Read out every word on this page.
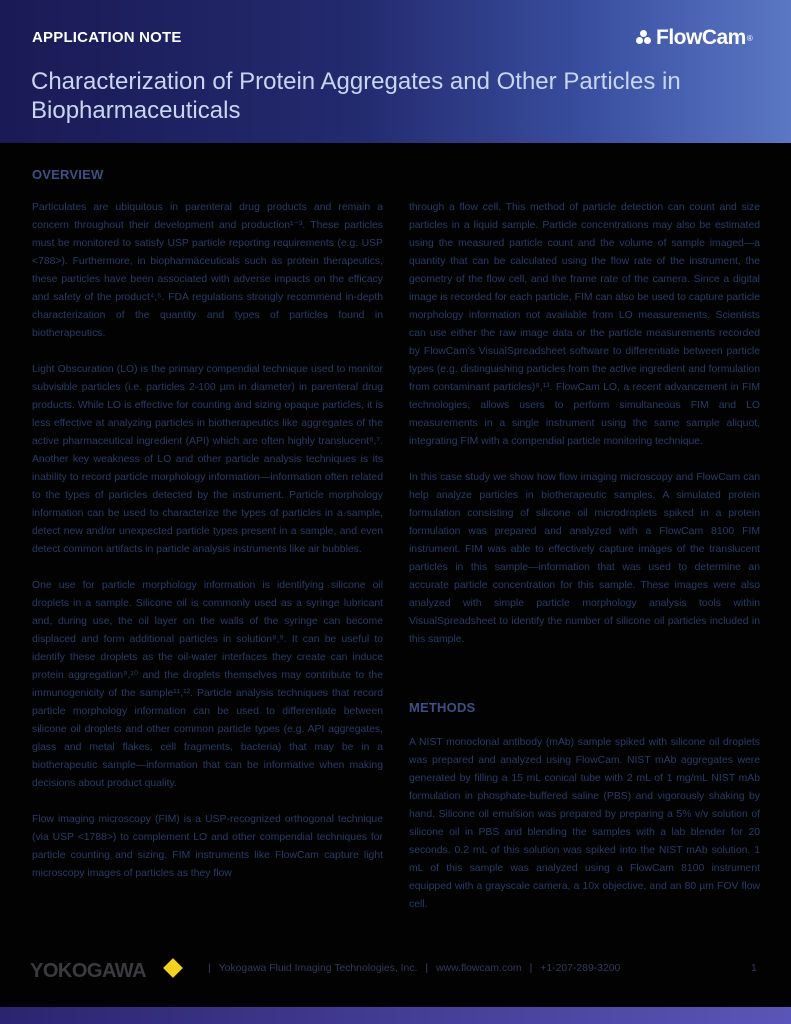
APPLICATION NOTE	FlowCam ®
Characterization of Protein Aggregates and Other Particles in Biopharmaceuticals
OVERVIEW

Particulates are ubiquitous in parenteral drug products and remain a concern throughout their development and production¹⁻³. These particles must be monitored to satisfy USP particle reporting requirements (e.g. USP <788>). Furthermore, in biopharmaceuticals such as protein therapeutics, these particles have been associated with adverse impacts on the efficacy and safety of the product⁴,⁵. FDA regulations strongly recommend in-depth characterization of the quantity and types of particles found in biotherapeutics.

Light Obscuration (LO) is the primary compendial technique used to monitor subvisible particles (i.e. particles 2-100 µm in diameter) in parenteral drug products. While LO is effective for counting and sizing opaque particles, it is less effective at analyzing particles in biotherapeutics like aggregates of the active pharmaceutical ingredient (API) which are often highly translucent⁶,⁷. Another key weakness of LO and other particle analysis techniques is its inability to record particle morphology information—information often related to the types of particles detected by the instrument. Particle morphology information can be used to characterize the types of particles in a sample, detect new and/or unexpected particle types present in a sample, and even detect common artifacts in particle analysis instruments like air bubbles.

One use for particle morphology information is identifying silicone oil droplets in a sample. Silicone oil is commonly used as a syringe lubricant and, during use, the oil layer on the walls of the syringe can become displaced and form additional particles in solution⁸,⁹. It can be useful to identify these droplets as the oil-water interfaces they create can induce protein aggregation⁹,¹⁰ and the droplets themselves may contribute to the immunogenicity of the sample¹¹,¹². Particle analysis techniques that record particle morphology information can be used to differentiate between silicone oil droplets and other common particle types (e.g. API aggregates, glass and metal flakes, cell fragments, bacteria) that may be in a biotherapeutic sample—information that can be informative when making decisions about product quality.

Flow imaging microscopy (FIM) is a USP-recognized orthogonal technique (via USP <1788>) to complement LO and other compendial techniques for particle counting and sizing. FIM instruments like FlowCam capture light microscopy images of particles as they flow

through a flow cell. This method of particle detection can count and size particles in a liquid sample. Particle concentrations may also be estimated using the measured particle count and the volume of sample imaged—a quantity that can be calculated using the flow rate of the instrument, the geometry of the flow cell, and the frame rate of the camera. Since a digital image is recorded for each particle, FIM can also be used to capture particle morphology information not available from LO measurements. Scientists can use either the raw image data or the particle measurements recorded by FlowCam's VisualSpreadsheet software to differentiate between particle types (e.g. distinguishing particles from the active ingredient and formulation from contaminant particles)⁸,¹³. FlowCam LO, a recent advancement in FIM technologies, allows users to perform simultaneous FIM and LO measurements in a single instrument using the same sample aliquot, integrating FIM with a compendial particle monitoring technique.

In this case study we show how flow imaging microscopy and FlowCam can help analyze particles in biotherapeutic samples. A simulated protein formulation consisting of silicone oil microdroplets spiked in a protein formulation was prepared and analyzed with a FlowCam 8100 FIM instrument. FIM was able to effectively capture images of the translucent particles in this sample—information that was used to determine an accurate particle concentration for this sample. These images were also analyzed with simple particle morphology analysis tools within VisualSpreadsheet to identify the number of silicone oil particles included in this sample.

METHODS

A NIST monoclonal antibody (mAb) sample spiked with silicone oil droplets was prepared and analyzed using FlowCam. NIST mAb aggregates were generated by filling a 15 mL conical tube with 2 mL of 1 mg/mL NIST mAb formulation in phosphate-buffered saline (PBS) and vigorously shaking by hand. Silicone oil emulsion was prepared by preparing a 5% v/v solution of silicone oil in PBS and blending the samples with a lab blender for 20 seconds. 0.2 mL of this solution was spiked into the NIST mAb solution. 1 mL of this sample was analyzed using a FlowCam 8100 instrument equipped with a grayscale camera, a 10x objective, and an 80 µm FOV flow cell.

YOKOGAWA	| Yokogawa Fluid Imaging Technologies, Inc. | www.flowcam.com | +1-207-289-3200	1
